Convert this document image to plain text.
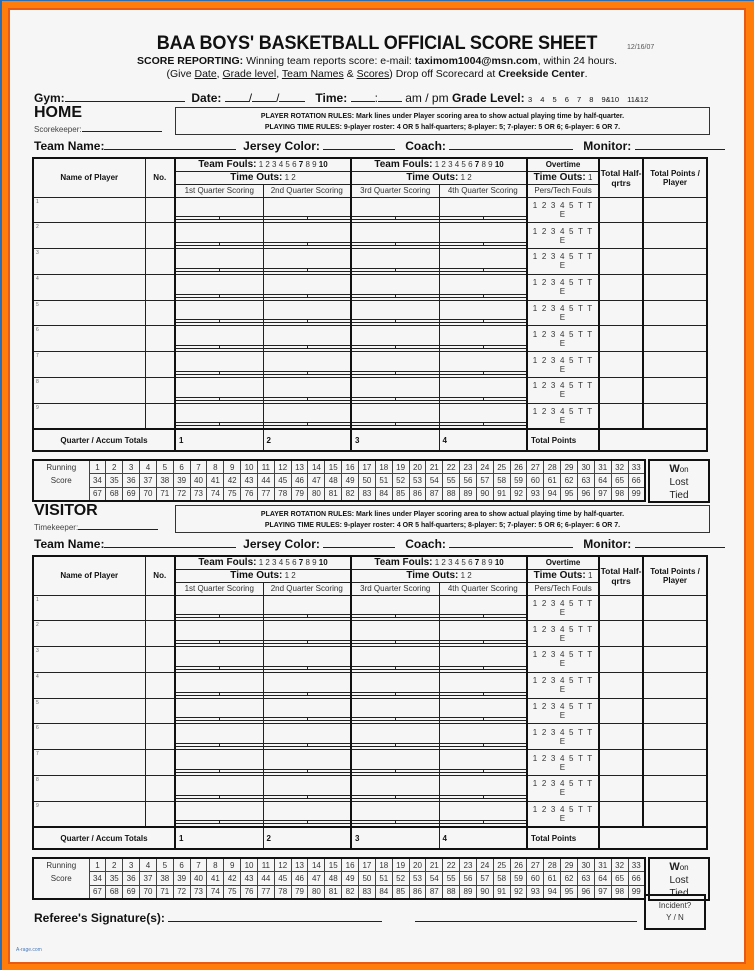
BAA BOYS' BASKETBALL OFFICIAL SCORE SHEET	12/16/07
SCORE REPORTING: Winning team reports score: e-mail: taximom1004@msn.com, within 24 hours.
(Give Date, Grade level, Team Names & Scores) Drop off Scorecard at Creekside Center.
Gym:	Date: / /	Time: : am / pm Grade Level: 3 4 5 6 7 8 9&10 11&12
HOME
Scorekeeper:
PLAYER ROTATION RULES: Mark lines under Player scoring area to show actual playing time by half-quarter.
PLAYING TIME RULES: 9-player roster: 4 OR 5 half-quarters; 8-player: 5; 7-player: 5 OR 6; 6-player: 6 OR 7.
Team Name:	Jersey Color:	Coach:	Monitor:
Name of Player	No.	Team Fouls: 1 2 3 4 5 6 7 8 9 10		Team Fouls: 1 2 3 4 5 6 7 8 9 10		Overtime	Total Half-qrtrs	Total Points / Player
		Time Outs: 1 2		Time Outs: 1 2		Time Outs: 1		
		1st Quarter Scoring	2nd Quarter Scoring	3rd Quarter Scoring	4th Quarter Scoring	Pers/Tech Fouls		

1						1 2 3 4 5 T T E		

2						1 2 3 4 5 T T E		

3						1 2 3 4 5 T T E		

4						1 2 3 4 5 T T E		

5						1 2 3 4 5 T T E		

6						1 2 3 4 5 T T E		

7						1 2 3 4 5 T T E		

8						1 2 3 4 5 T T E		

9						1 2 3 4 5 T T E		
Quarter / Accum Totals		1	2	3	4	Total Points		
Running	1	2	3	4	5	6	7	8	9	10	11	12	13	14	15	16	17	18	19	20	21	22	23	24	25	26	27	28	29	30	31	32	33
Score	34	35	36	37	38	39	40	41	42	43	44	45	46	47	48	49	50	51	52	53	54	55	56	57	58	59	60	61	62	63	64	65	66
	67	68	69	70	71	72	73	74	75	76	77	78	79	80	81	82	83	84	85	86	87	88	89	90	91	92	93	94	95	96	97	98	99
Won
Lost
Tied
VISITOR
Timekeeper:
PLAYER ROTATION RULES: Mark lines under Player scoring area to show actual playing time by half-quarter.
PLAYING TIME RULES: 9-player roster: 4 OR 5 half-quarters; 8-player: 5; 7-player: 5 OR 6; 6-player: 6 OR 7.
Team Name:	Jersey Color:	Coach:	Monitor:
Name of Player	No.	Team Fouls: 1 2 3 4 5 6 7 8 9 10		Team Fouls: 1 2 3 4 5 6 7 8 9 10		Overtime	Total Half-qrtrs	Total Points / Player
		Time Outs: 1 2		Time Outs: 1 2		Time Outs: 1		
		1st Quarter Scoring	2nd Quarter Scoring	3rd Quarter Scoring	4th Quarter Scoring	Pers/Tech Fouls		

1						1 2 3 4 5 T T E		

2						1 2 3 4 5 T T E		

3						1 2 3 4 5 T T E		

4						1 2 3 4 5 T T E		

5						1 2 3 4 5 T T E		

6						1 2 3 4 5 T T E		

7						1 2 3 4 5 T T E		

8						1 2 3 4 5 T T E		

9						1 2 3 4 5 T T E		
Quarter / Accum Totals		1	2	3	4	Total Points		
Running	1	2	3	4	5	6	7	8	9	10	11	12	13	14	15	16	17	18	19	20	21	22	23	24	25	26	27	28	29	30	31	32	33
Score	34	35	36	37	38	39	40	41	42	43	44	45	46	47	48	49	50	51	52	53	54	55	56	57	58	59	60	61	62	63	64	65	66
	67	68	69	70	71	72	73	74	75	76	77	78	79	80	81	82	83	84	85	86	87	88	89	90	91	92	93	94	95	96	97	98	99
Won
Lost
Tied
Referee's Signature(s):
Incident?
Y / N
A-rage.com
